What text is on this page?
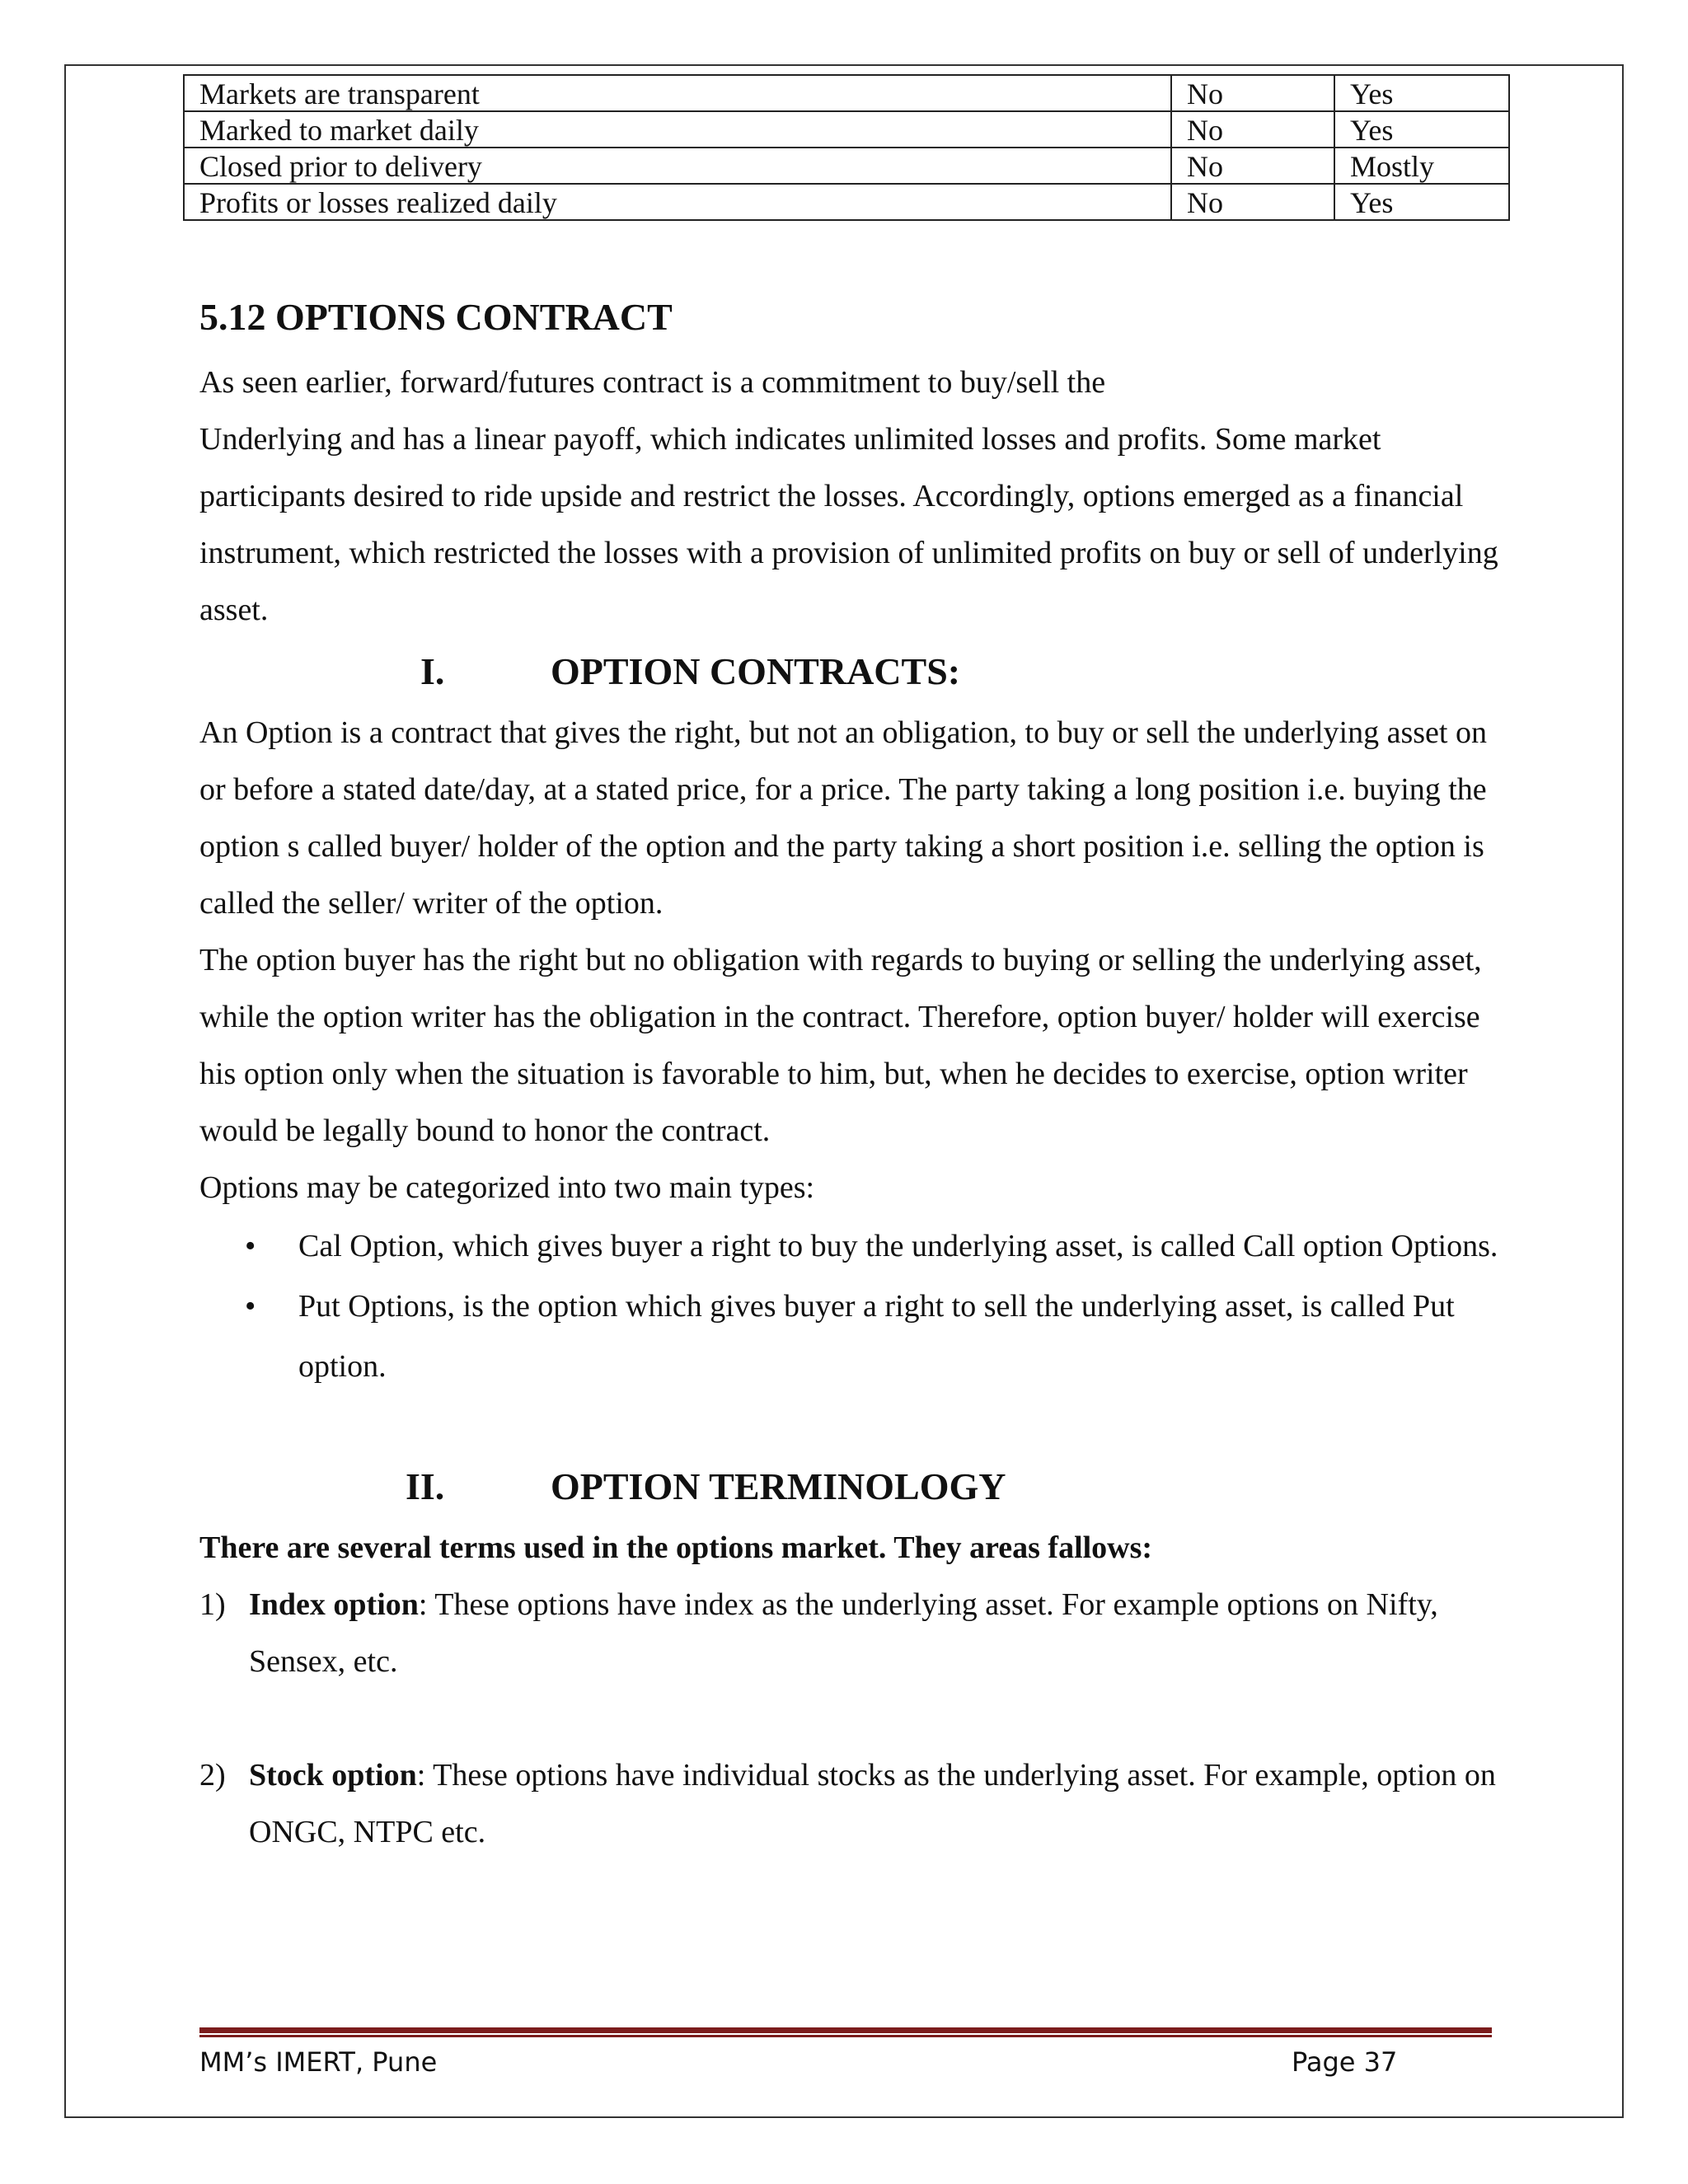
Markets are transparent	No	Yes
Marked to market daily	No	Yes
Closed prior to delivery	No	Mostly
Profits or losses realized daily	No	Yes
5.12 OPTIONS CONTRACT

As seen earlier, forward/futures contract is a commitment to buy/sell the

Underlying and has a linear payoff, which indicates unlimited losses and profits. Some market participants desired to ride upside and restrict the losses. Accordingly, options emerged as a financial instrument, which restricted the losses with a provision of unlimited profits on buy or sell of underlying asset.

I.	OPTION CONTRACTS:

An Option is a contract that gives the right, but not an obligation, to buy or sell the underlying asset on or before a stated date/day, at a stated price, for a price. The party taking a long position i.e. buying the option s called buyer/ holder of the option and the party taking a short position i.e. selling the option is called the seller/ writer of the option.

The option buyer has the right but no obligation with regards to buying or selling the underlying asset, while the option writer has the obligation in the contract. Therefore, option buyer/ holder will exercise his option only when the situation is favorable to him, but, when he decides to exercise, option writer would be legally bound to honor the contract.

Options may be categorized into two main types:

• Cal Option, which gives buyer a right to buy the underlying asset, is called Call option Options.
• Put Options, is the option which gives buyer a right to sell the underlying asset, is called Put option.
II.	OPTION TERMINOLOGY

There are several terms used in the options market. They areas fallows:

1) Index option: These options have index as the underlying asset. For example options on Nifty, Sensex, etc.
2) Stock option: These options have individual stocks as the underlying asset. For example, option on ONGC, NTPC etc.
MM’s IMERT, Pune	Page 37
